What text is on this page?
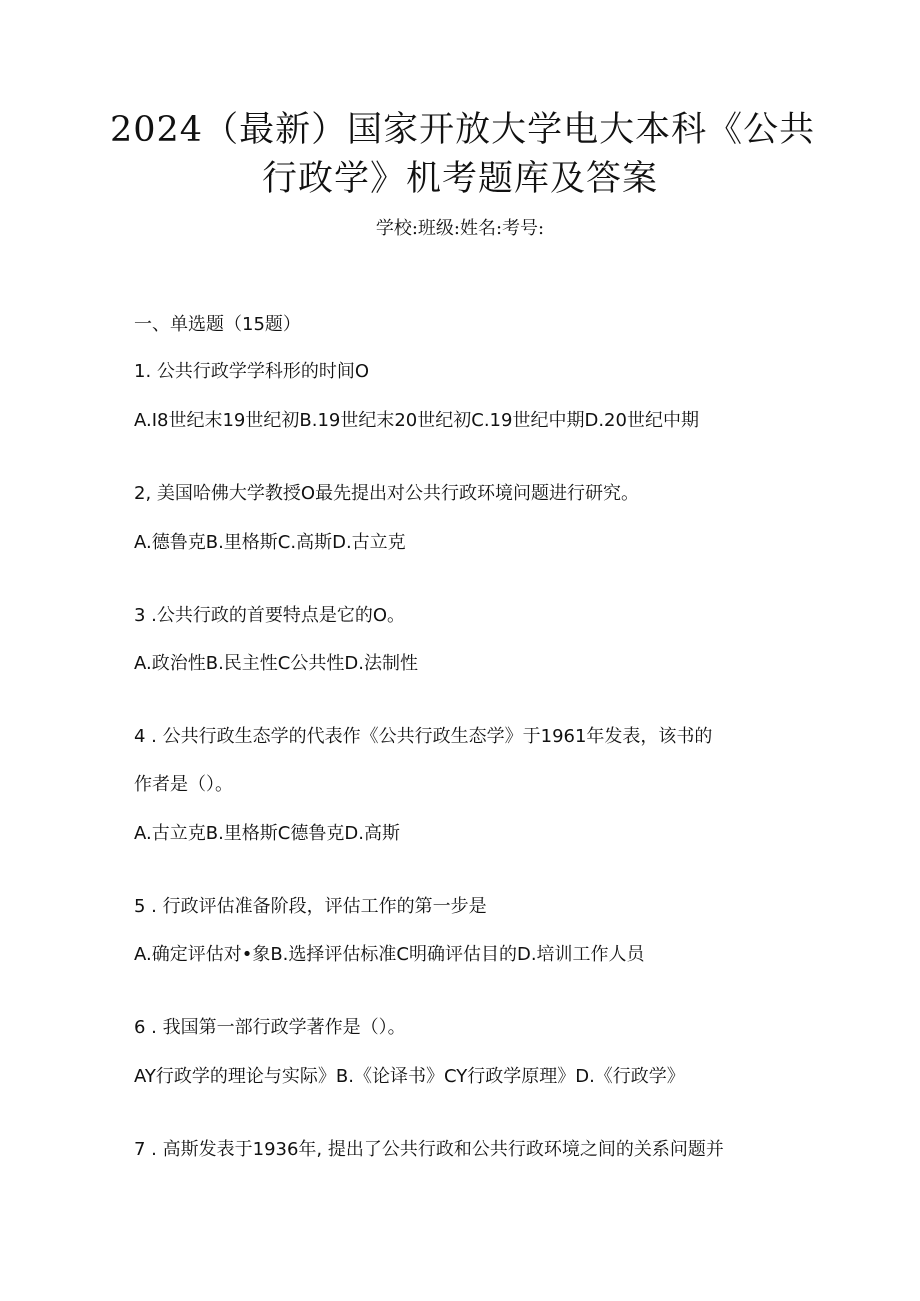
2024（最新）国家开放大学电大本科《公共
行政学》机考题库及答案
学校:班级:姓名:考号:
一、单选题（15题）
1. 公共行政学学科形的时间O
A.I8世纪末19世纪初B.19世纪末20世纪初C.19世纪中期D.20世纪中期
2, 美国哈佛大学教授O最先提出对公共行政环境问题进行研究。
A.德鲁克B.里格斯C.高斯D.古立克
3 .公共行政的首要特点是它的O。
A.政治性B.民主性C公共性D.法制性
4 . 公共行政生态学的代表作《公共行政生态学》于1961年发表，该书的
作者是（）。
A.古立克B.里格斯C德鲁克D.高斯
5 . 行政评估准备阶段，评估工作的第一步是
A.确定评估对•象B.选择评估标准C明确评估目的D.培训工作人员
6 . 我国第一部行政学著作是（）。
AY行政学的理论与实际》B.《论译书》CY行政学原理》D.《行政学》
7 . 高斯发表于1936年, 提出了公共行政和公共行政环境之间的关系问题并
